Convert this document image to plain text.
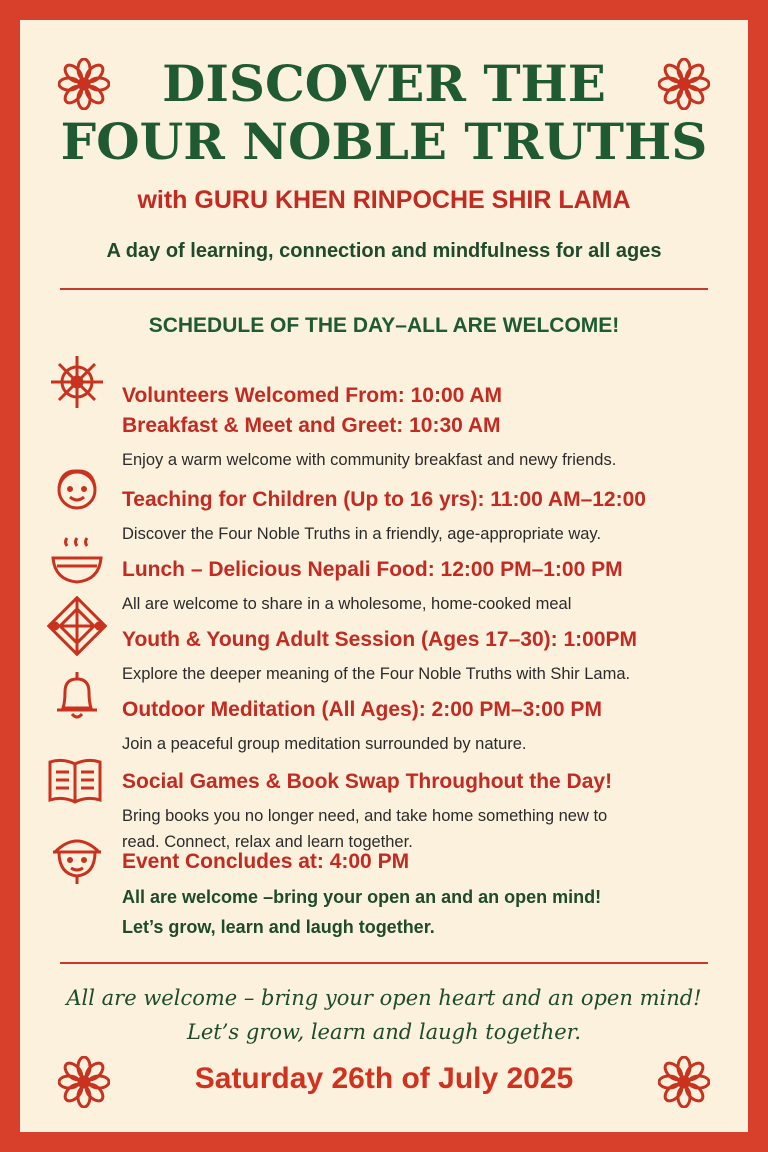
DISCOVER THE
FOUR NOBLE TRUTHS
with GURU KHEN RINPOCHE SHIR LAMA
A day of learning, connection and mindfulness for all ages
SCHEDULE OF THE DAY–ALL ARE WELCOME!
Volunteers Welcomed From: 10:00 AM
Breakfast & Meet and Greet: 10:30 AM
Enjoy a warm welcome with community breakfast and newy friends.
Teaching for Children (Up to 16 yrs): 11:00 AM–12:00
Discover the Four Noble Truths in a friendly, age-appropriate way.
Lunch – Delicious Nepali Food: 12:00 PM–1:00 PM
All are welcome to share in a wholesome, home-cooked meal
Youth & Young Adult Session (Ages 17–30): 1:00PM
Explore the deeper meaning of the Four Noble Truths with Shir Lama.
Outdoor Meditation (All Ages): 2:00 PM–3:00 PM
Join a peaceful group meditation surrounded by nature.
Social Games & Book Swap Throughout the Day!
Bring books you no longer need, and take home something new to
read. Connect, relax and learn together.
Event Concludes at: 4:00 PM
All are welcome –bring your open an and an open mind!
Let’s grow, learn and laugh together.
All are welcome – bring your open heart and an open mind!
Let’s grow, learn and laugh together.
Saturday 26th of July 2025
